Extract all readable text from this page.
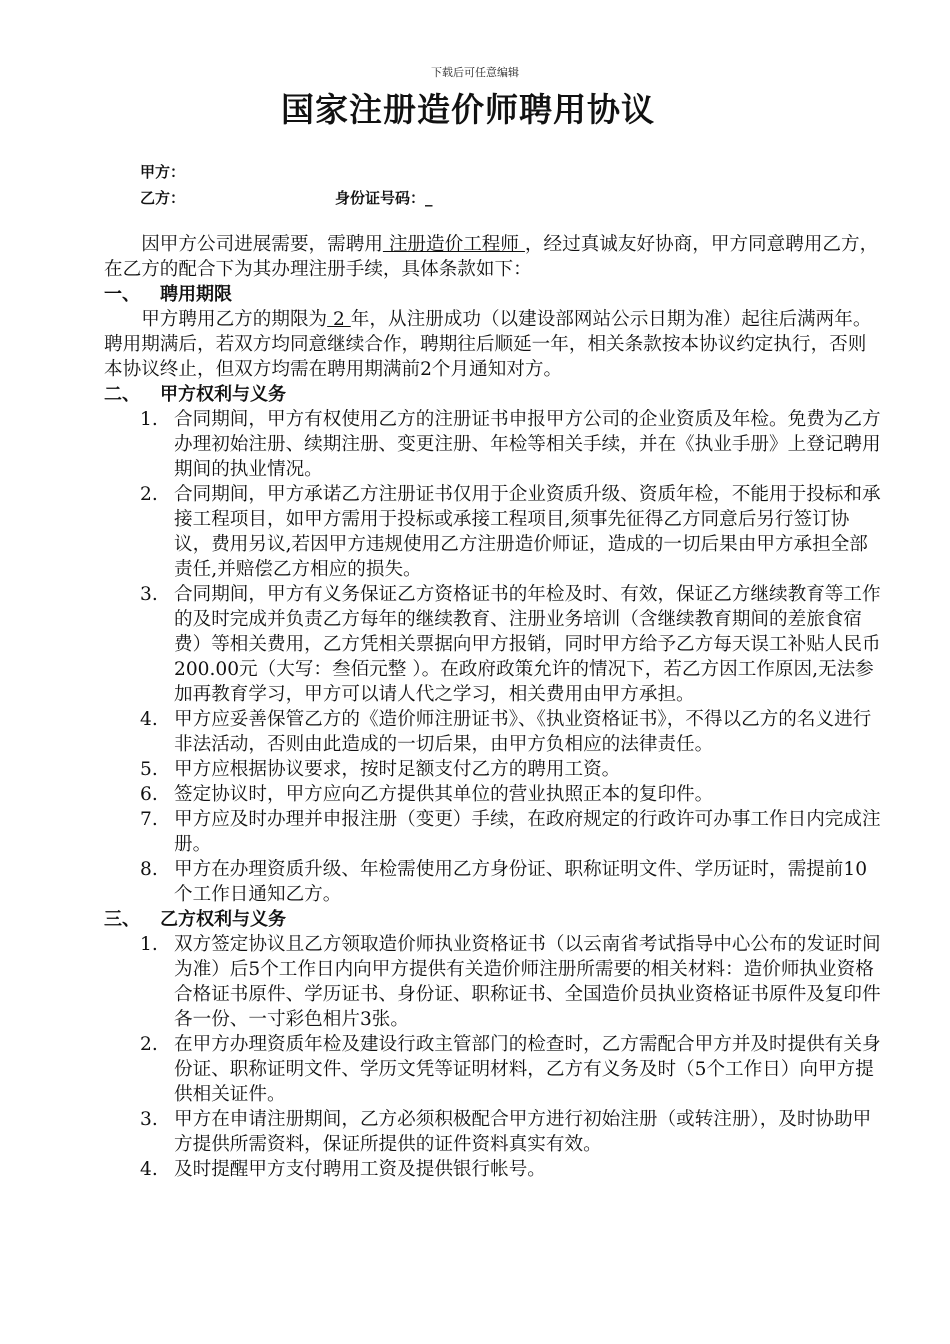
下载后可任意编辑
国家注册造价师聘用协议
甲方：
乙方：	身份证号码：_

因甲方公司进展需要，需聘用 注册造价工程师 ，经过真诚友好协商，甲方同意聘用乙方，在乙方的配合下为其办理注册手续，具体条款如下：

一、	聘用期限

甲方聘用乙方的期限为 2 年，从注册成功（以建设部网站公示日期为准）起往后满两年。聘用期满后，若双方均同意继续合作，聘期往后顺延一年，相关条款按本协议约定执行，否则本协议终止，但双方均需在聘用期满前2个月通知对方。

二、	甲方权利与义务
1. 合同期间，甲方有权使用乙方的注册证书申报甲方公司的企业资质及年检。免费为乙方办理初始注册、续期注册、变更注册、年检等相关手续，并在《执业手册》上登记聘用期间的执业情况。
2. 合同期间，甲方承诺乙方注册证书仅用于企业资质升级、资质年检，不能用于投标和承接工程项目，如甲方需用于投标或承接工程项目,须事先征得乙方同意后另行签订协议，费用另议,若因甲方违规使用乙方注册造价师证，造成的一切后果由甲方承担全部责任,并赔偿乙方相应的损失。
3. 合同期间，甲方有义务保证乙方资格证书的年检及时、有效，保证乙方继续教育等工作的及时完成并负责乙方每年的继续教育、注册业务培训（含继续教育期间的差旅食宿费）等相关费用，乙方凭相关票据向甲方报销，同时甲方给予乙方每天误工补贴人民币200.00元（大写：叁佰元整 ）。在政府政策允许的情况下，若乙方因工作原因,无法参加再教育学习，甲方可以请人代之学习，相关费用由甲方承担。
4. 甲方应妥善保管乙方的《造价师注册证书》、《执业资格证书》，不得以乙方的名义进行非法活动，否则由此造成的一切后果，由甲方负相应的法律责任。
5. 甲方应根据协议要求，按时足额支付乙方的聘用工资。
6. 签定协议时，甲方应向乙方提供其单位的营业执照正本的复印件。
7. 甲方应及时办理并申报注册（变更）手续，在政府规定的行政许可办事工作日内完成注册。
8. 甲方在办理资质升级、年检需使用乙方身份证、职称证明文件、学历证时，需提前10个工作日通知乙方。
三、	乙方权利与义务
1. 双方签定协议且乙方领取造价师执业资格证书（以云南省考试指导中心公布的发证时间为准）后5个工作日内向甲方提供有关造价师注册所需要的相关材料：造价师执业资格合格证书原件、学历证书、身份证、职称证书、全国造价员执业资格证书原件及复印件各一份、一寸彩色相片3张。
2. 在甲方办理资质年检及建设行政主管部门的检查时，乙方需配合甲方并及时提供有关身份证、职称证明文件、学历文凭等证明材料，乙方有义务及时（5个工作日）向甲方提供相关证件。
3. 甲方在申请注册期间，乙方必须积极配合甲方进行初始注册（或转注册），及时协助甲方提供所需资料，保证所提供的证件资料真实有效。
4. 及时提醒甲方支付聘用工资及提供银行帐号。
